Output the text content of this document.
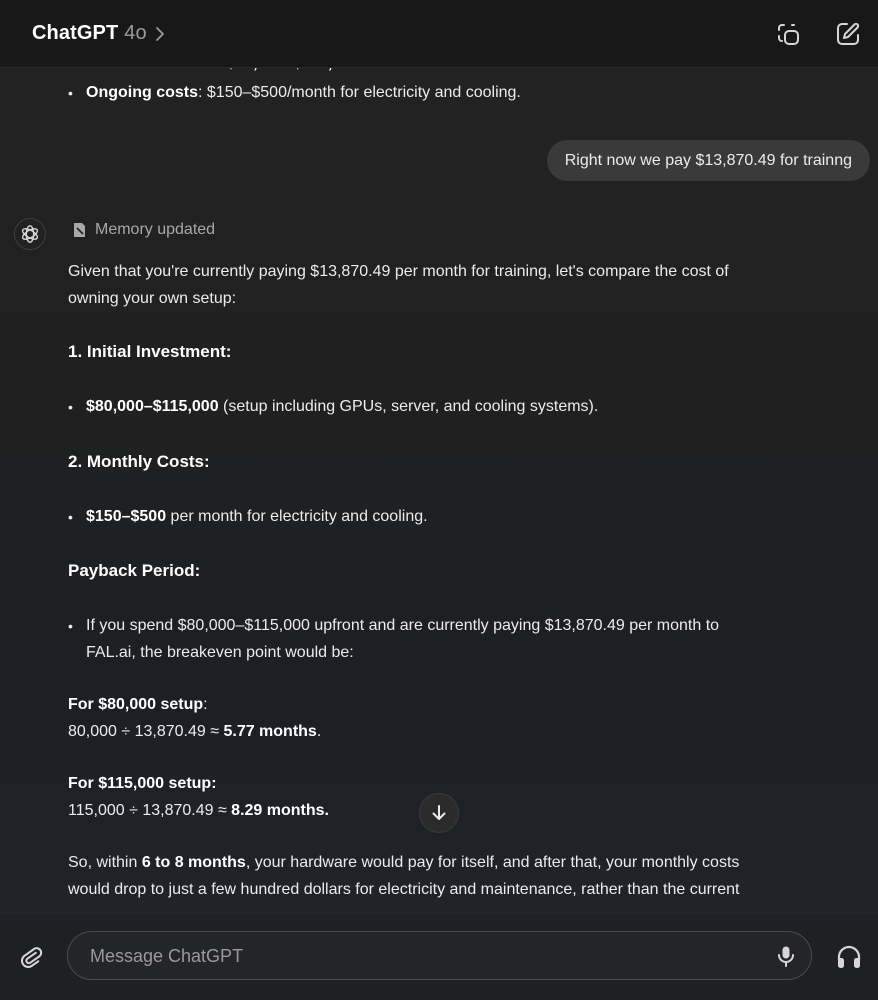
ChatGPT 4o
• Ongoing costs: $150–$500/month for electricity and cooling.
Right now we pay $13,870.49 for trainng
Memory updated
Given that you're currently paying $13,870.49 per month for training, let's compare the cost of
owning your own setup:
1. Initial Investment:
• $80,000–$115,000 (setup including GPUs, server, and cooling systems).
2. Monthly Costs:
• $150–$500 per month for electricity and cooling.
Payback Period:
• If you spend $80,000–$115,000 upfront and are currently paying $13,870.49 per month to
FAL.ai, the breakeven point would be:
For $80,000 setup:
80,000 ÷ 13,870.49 ≈ 5.77 months.
For $115,000 setup:
115,000 ÷ 13,870.49 ≈ 8.29 months.
So, within 6 to 8 months, your hardware would pay for itself, and after that, your monthly costs
would drop to just a few hundred dollars for electricity and maintenance, rather than the current
Message ChatGPT
